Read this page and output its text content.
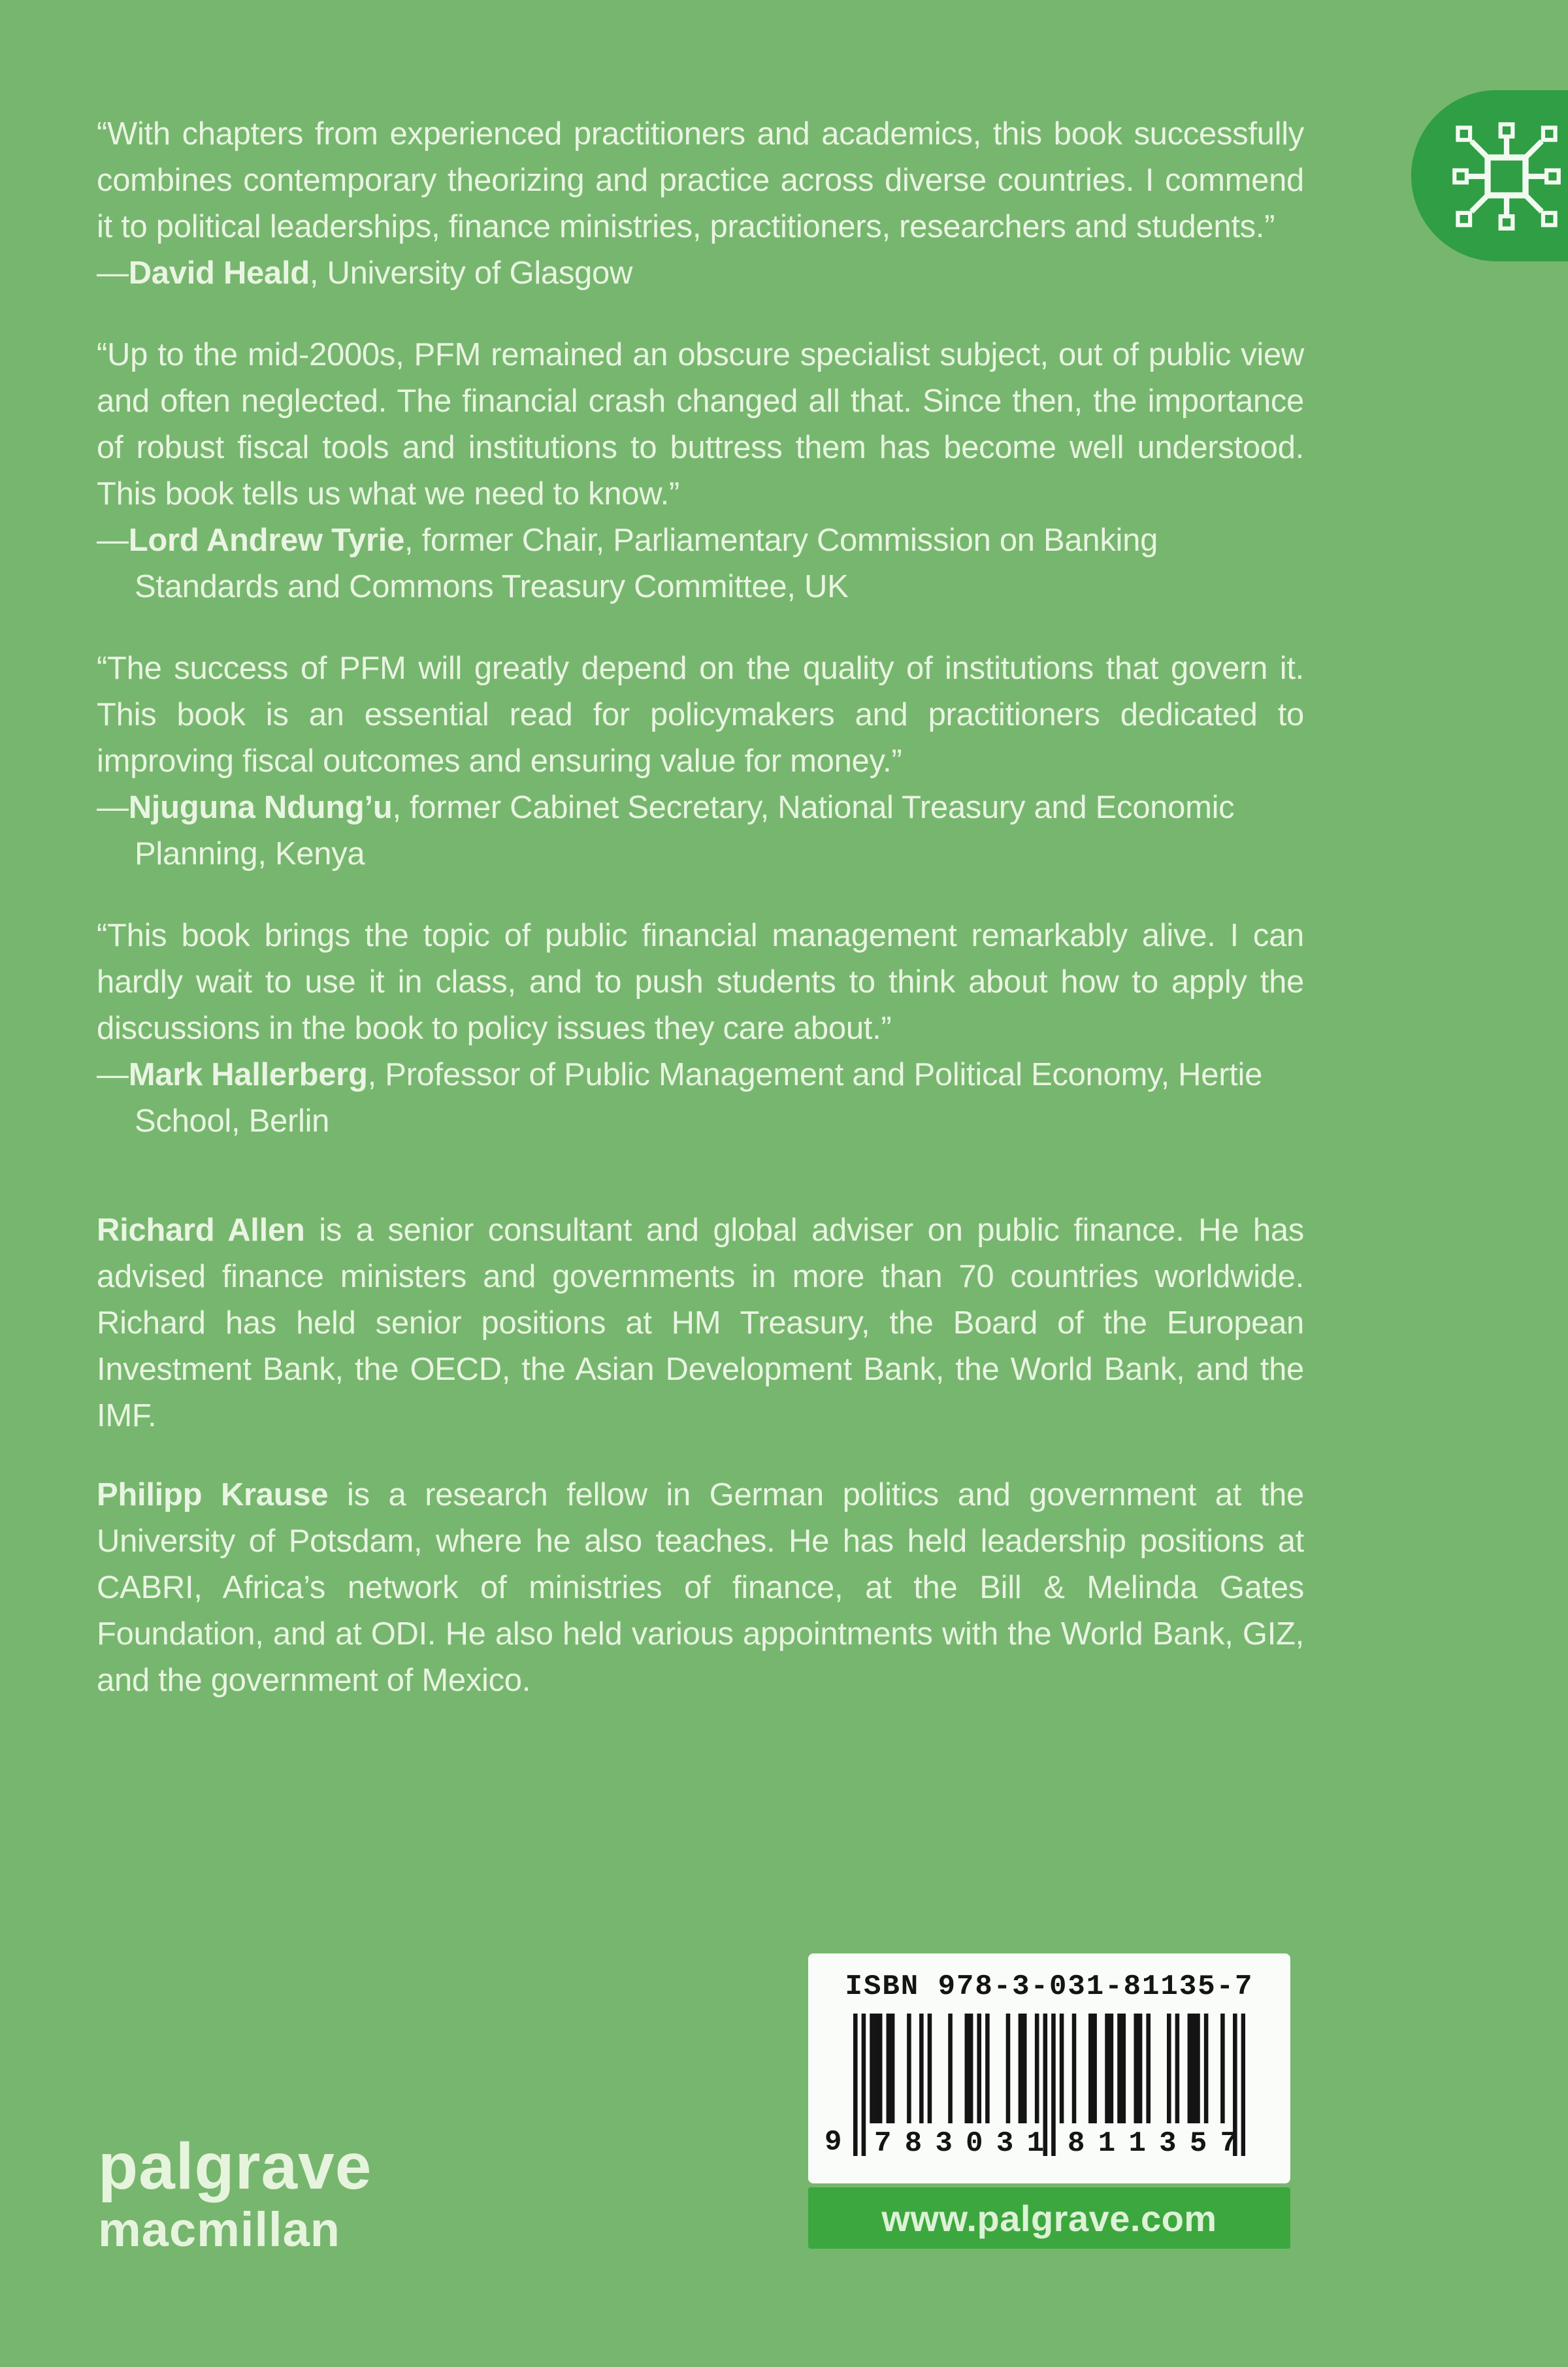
“With chapters from experienced practitioners and academics, this book successfully combines contemporary theorizing and practice across diverse countries. I commend it to political leaderships, finance ministries, practitioners, researchers and students.”

—David Heald, University of Glasgow

“Up to the mid-2000s, PFM remained an obscure specialist subject, out of public view and often neglected. The financial crash changed all that. Since then, the importance of robust fiscal tools and institutions to buttress them has become well understood. This book tells us what we need to know.”

—Lord Andrew Tyrie, former Chair, Parliamentary Commission on Banking Standards and Commons Treasury Committee, UK

“The success of PFM will greatly depend on the quality of institutions that govern it. This book is an essential read for policymakers and practitioners dedicated to improving fiscal outcomes and ensuring value for money.”

—Njuguna Ndung’u, former Cabinet Secretary, National Treasury and Economic Planning, Kenya

“This book brings the topic of public financial management remarkably alive. I can hardly wait to use it in class, and to push students to think about how to apply the discussions in the book to policy issues they care about.”

—Mark Hallerberg, Professor of Public Management and Political Economy, Hertie School, Berlin

Richard Allen is a senior consultant and global adviser on public finance. He has advised finance ministers and governments in more than 70 countries worldwide. Richard has held senior positions at HM Treasury, the Board of the European Investment Bank, the OECD, the Asian Development Bank, the World Bank, and the IMF.

Philipp Krause is a research fellow in German politics and government at the University of Potsdam, where he also teaches. He has held leadership positions at CABRI, Africa’s network of ministries of finance, at the Bill & Melinda Gates Foundation, and at ODI. He also held various appointments with the World Bank, GIZ, and the government of Mexico.

ISBN 978-3-031-81135-7
9 7 8 3 0 3 1 8 1 1 3 5 7
www.palgrave.com
palgrave
macmillan
